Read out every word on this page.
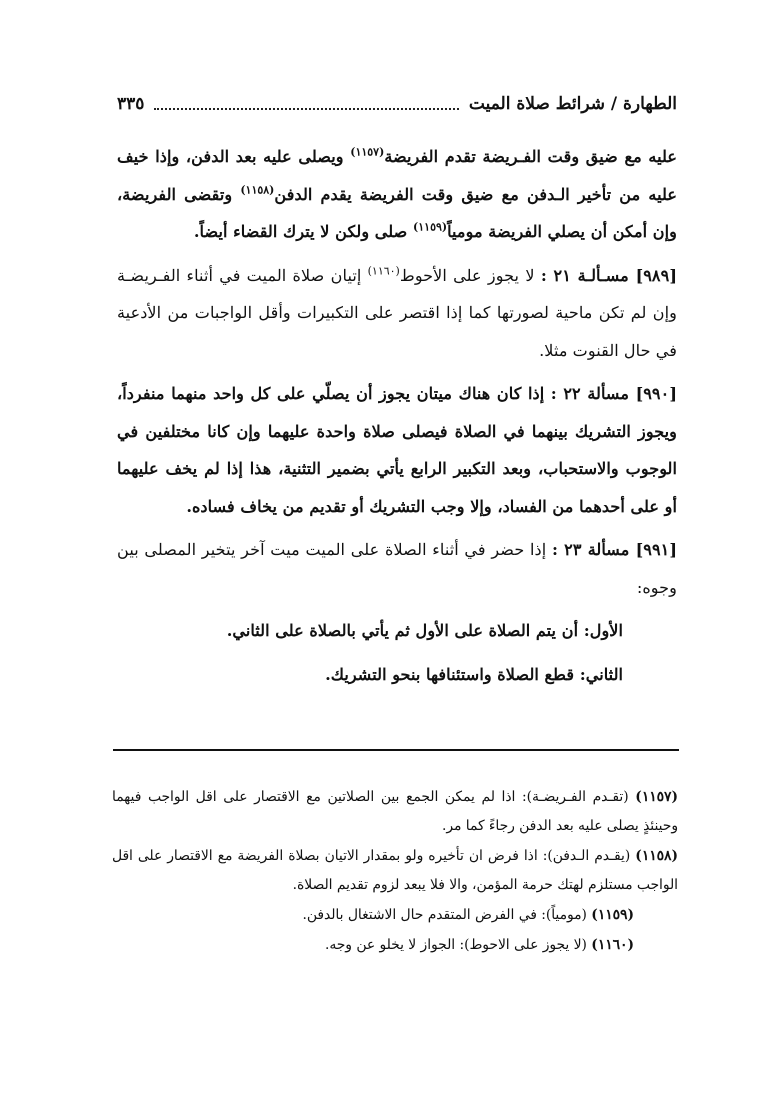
الطهارة / شرائط صلاة الميت
٣٣٥

عليه مع ضيق وقت الفـريضة تقدم الفريضة$^{(١١٥٧)}$ ويصلى عليه بعد الدفن، وإذا خيف عليه من تأخير الـدفن مع ضيق وقت الفريضة يقدم الدفن$^{(١١٥٨)}$ وتقضى الفريضة، وإن أمكن أن يصلي الفريضة مومياً$^{(١١٥٩)}$ صلى ولكن لا يترك القضاء أيضاً.

[٩٨٩] مسـألـة ٢١ : لا يجوز على الأحوط$^{(١١٦٠)}$ إتيان صلاة الميت في أثناء الفـريضـة وإن لم تكن ماحية لصورتها كما إذا اقتصر على التكبيرات وأقل الواجبات من الأدعية في حال القنوت مثلا.

[٩٩٠] مسألة ٢٢ : إذا كان هناك ميتان يجوز أن يصلّي على كل واحد منهما منفرداً، ويجوز التشريك بينهما في الصلاة فيصلى صلاة واحدة عليهما وإن كانا مختلفين في الوجوب والاستحباب، وبعد التكبير الرابع يأتي بضمير التثنية، هذا إذا لم يخف عليهما أو على أحدهما من الفساد، وإلا وجب التشريك أو تقديم من يخاف فساده.

[٩٩١] مسألة ٢٣ : إذا حضر في أثناء الصلاة على الميت ميت آخر يتخير المصلى بين وجوه:

الأول: أن يتم الصلاة على الأول ثم يأتي بالصلاة على الثاني.

الثاني: قطع الصلاة واستئنافها بنحو التشريك.

(١١٥٧) (تقـدم الفـريضـة): اذا لم يمكن الجمع بين الصلاتين مع الاقتصار على اقل الواجب فيهما وحينئذٍ يصلى عليه بعد الدفن رجاءً كما مر.

(١١٥٨) (يقـدم الـدفن): اذا فرض ان تأخيره ولو بمقدار الاتيان بصلاة الفريضة مع الاقتصار على اقل الواجب مستلزم لهتك حرمة المؤمن، والا فلا يبعد لزوم تقديم الصلاة.

(١١٥٩) (مومياً): في الفرض المتقدم حال الاشتغال بالدفن.

(١١٦٠) (لا يجوز على الاحوط): الجواز لا يخلو عن وجه.
